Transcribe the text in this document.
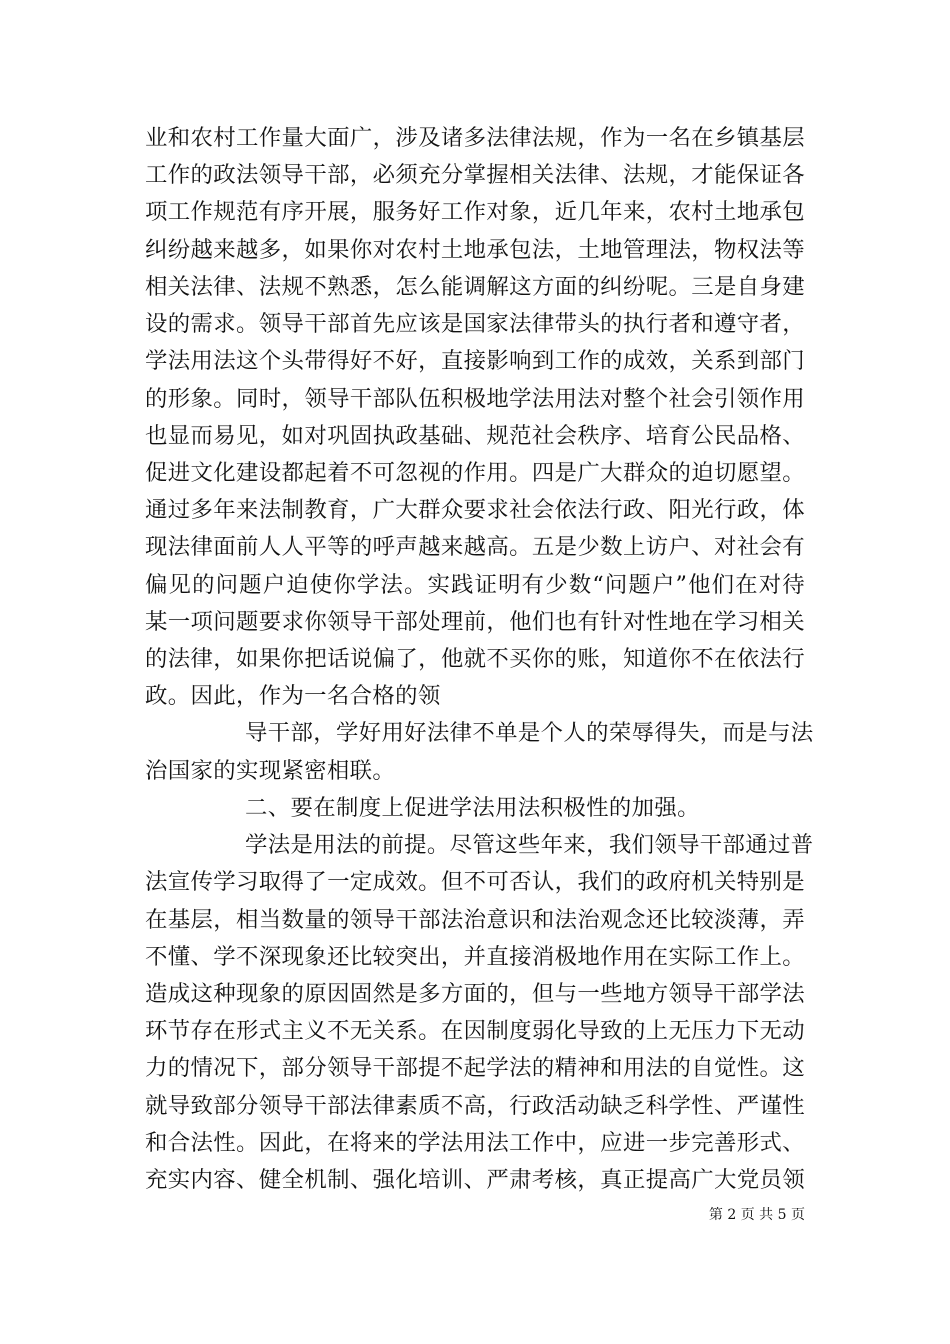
业和农村工作量大面广，涉及诸多法律法规，作为一名在乡镇基层
工作的政法领导干部，必须充分掌握相关法律、法规，才能保证各
项工作规范有序开展，服务好工作对象，近几年来，农村土地承包
纠纷越来越多，如果你对农村土地承包法，土地管理法，物权法等
相关法律、法规不熟悉，怎么能调解这方面的纠纷呢。三是自身建
设的需求。领导干部首先应该是国家法律带头的执行者和遵守者，
学法用法这个头带得好不好，直接影响到工作的成效，关系到部门
的形象。同时，领导干部队伍积极地学法用法对整个社会引领作用
也显而易见，如对巩固执政基础、规范社会秩序、培育公民品格、
促进文化建设都起着不可忽视的作用。四是广大群众的迫切愿望。
通过多年来法制教育，广大群众要求社会依法行政、阳光行政，体
现法律面前人人平等的呼声越来越高。五是少数上访户、对社会有
偏见的问题户迫使你学法。实践证明有少数“问题户”他们在对待
某一项问题要求你领导干部处理前，他们也有针对性地在学习相关
的法律，如果你把话说偏了，他就不买你的账，知道你不在依法行
政。因此，作为一名合格的领
导干部，学好用好法律不单是个人的荣辱得失，而是与法
治国家的实现紧密相联。
二、要在制度上促进学法用法积极性的加强。
学法是用法的前提。尽管这些年来，我们领导干部通过普
法宣传学习取得了一定成效。但不可否认，我们的政府机关特别是
在基层，相当数量的领导干部法治意识和法治观念还比较淡薄，弄
不懂、学不深现象还比较突出，并直接消极地作用在实际工作上。
造成这种现象的原因固然是多方面的，但与一些地方领导干部学法
环节存在形式主义不无关系。在因制度弱化导致的上无压力下无动
力的情况下，部分领导干部提不起学法的精神和用法的自觉性。这
就导致部分领导干部法律素质不高，行政活动缺乏科学性、严谨性
和合法性。因此，在将来的学法用法工作中，应进一步完善形式、
充实内容、健全机制、强化培训、严肃考核，真正提高广大党员领
第 2 页 共 5 页
